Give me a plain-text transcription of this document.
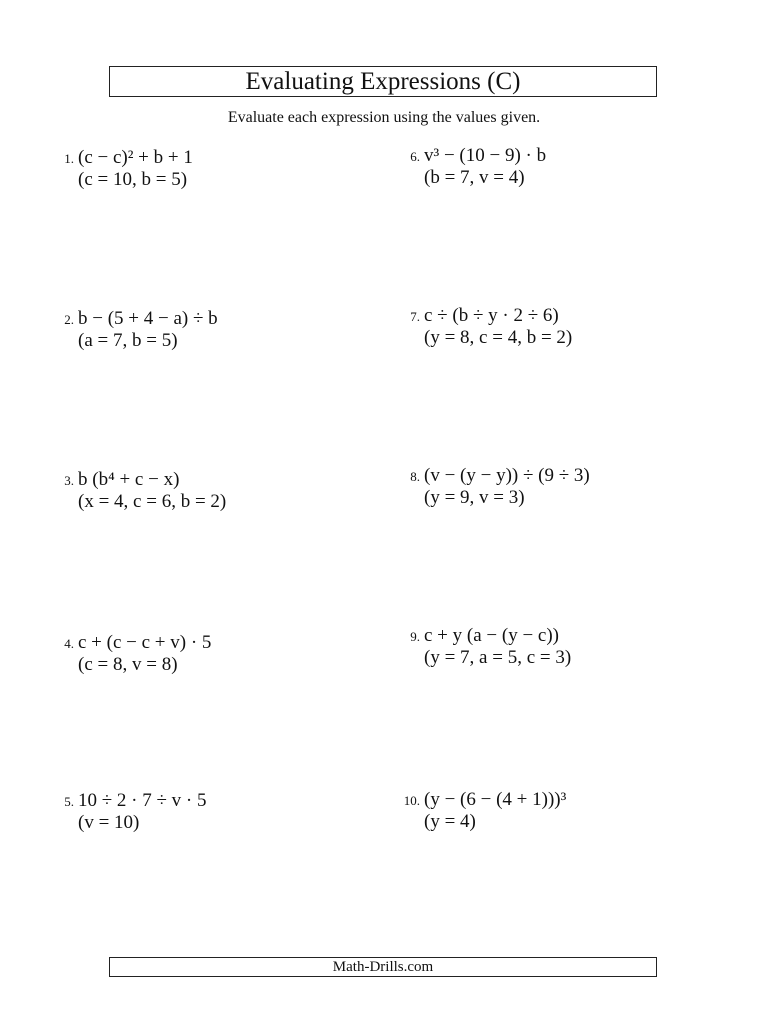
Evaluating Expressions (C)
Evaluate each expression using the values given.
1. (c − c)² + b + 1
(c = 10, b = 5)
2. b − (5 + 4 − a) ÷ b
(a = 7, b = 5)
3. b (b⁴ + c − x)
(x = 4, c = 6, b = 2)
4. c + (c − c + v) · 5
(c = 8, v = 8)
5. 10 ÷ 2 · 7 ÷ v · 5
(v = 10)
6. v³ − (10 − 9) · b
(b = 7, v = 4)
7. c ÷ (b ÷ y · 2 ÷ 6)
(y = 8, c = 4, b = 2)
8. (v − (y − y)) ÷ (9 ÷ 3)
(y = 9, v = 3)
9. c + y (a − (y − c))
(y = 7, a = 5, c = 3)
10. (y − (6 − (4 + 1)))³
(y = 4)
Math-Drills.com
